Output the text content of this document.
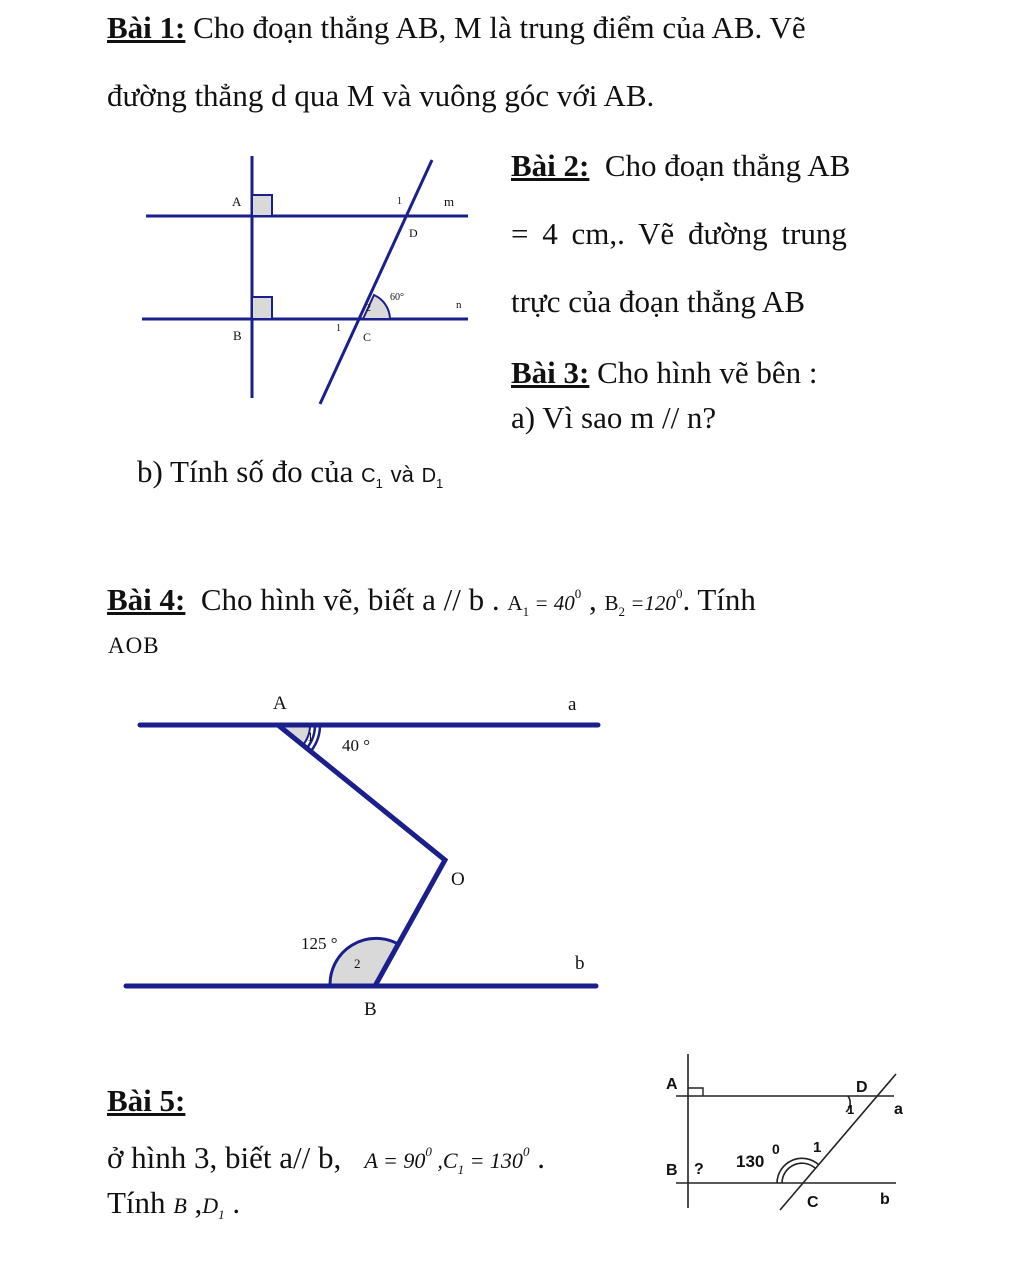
Bài 1: Cho đoạn thẳng AB, M là trung điểm của AB. Vẽ
đường thẳng d qua M và vuông góc với AB.
Bài 2: Cho đoạn thẳng AB
= 4 cm,. Vẽ đường trung
trực của đoạn thẳng AB
Bài 3: Cho hình vẽ bên :
a) Vì sao m // n?
b) Tính số đo của $C_1$ và $D_1$
A
B
D
C
m
n
1
1
2
60°
Bài 4:  Cho hình vẽ, biết a // b . $A_1 = 40^0$ , $B_2 =120^0$. Tính
AOB
A	a
O
B
b
1
2
40 °
125 °
Bài 5:
ở hình 3, biết a// b, $A = 90^0$ $,C_1 = 130^0$ .
Tính B $,D_1$ .
A
B ?
D
C
a
b
130
0 1
1
